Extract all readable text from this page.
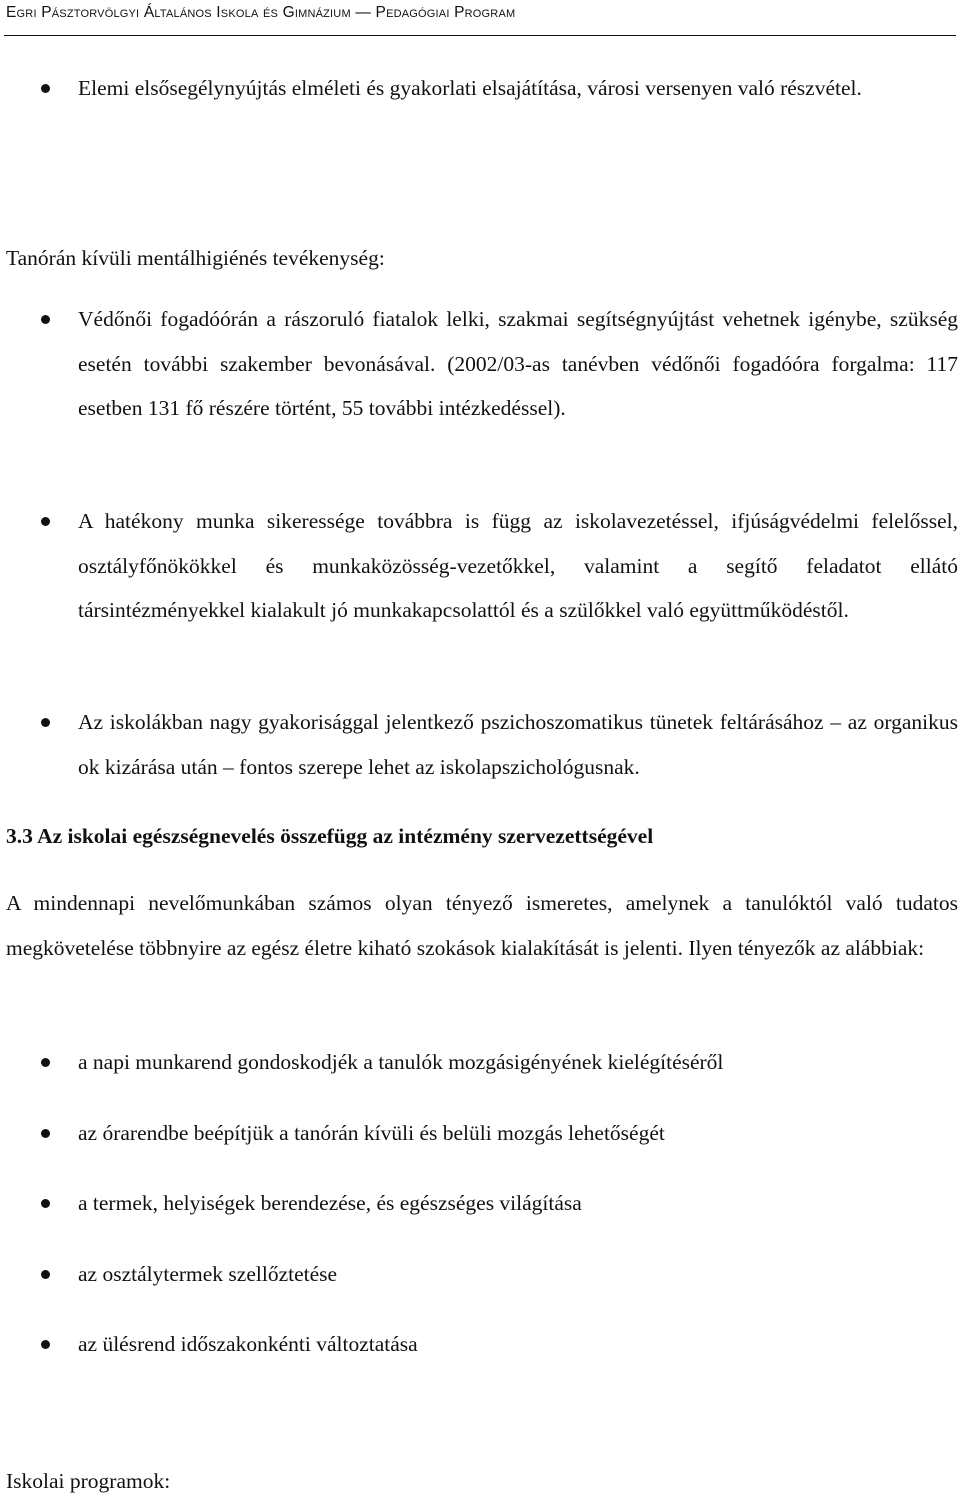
Egri Pásztorvölgyi Általános Iskola és Gimnázium — Pedagógiai Program

Elemi elsősegélynyújtás elméleti és gyakorlati elsajátítása, városi versenyen való részvétel.

Tanórán kívüli mentálhigiénés tevékenység:

Védőnői fogadóórán a rászoruló fiatalok lelki, szakmai segítségnyújtást vehetnek igénybe, szükség esetén további szakember bevonásával. (2002/03-as tanévben védőnői fogadóóra forgalma: 117 esetben 131 fő részére történt, 55 további intézkedéssel).

A hatékony munka sikeressége továbbra is függ az iskolavezetéssel, ifjúságvédelmi felelőssel, osztályfőnökökkel és munkaközösség-vezetőkkel, valamint a segítő feladatot ellátó társintézményekkel kialakult jó munkakapcsolattól és a szülőkkel való együttműködéstől.

Az iskolákban nagy gyakorisággal jelentkező pszichoszomatikus tünetek feltárásához – az organikus ok kizárása után – fontos szerepe lehet az iskolapszichológusnak.

3.3 Az iskolai egészségnevelés összefügg az intézmény szervezettségével

A mindennapi nevelőmunkában számos olyan tényező ismeretes, amelynek a tanulóktól való tudatos megkövetelése többnyire az egész életre kiható szokások kialakítását is jelenti. Ilyen tényezők az alábbiak:

a napi munkarend gondoskodjék a tanulók mozgásigényének kielégítéséről

az órarendbe beépítjük a tanórán kívüli és belüli mozgás lehetőségét

a termek, helyiségek berendezése, és egészséges világítása

az osztálytermek szellőztetése

az ülésrend időszakonkénti változtatása

Iskolai programok:
